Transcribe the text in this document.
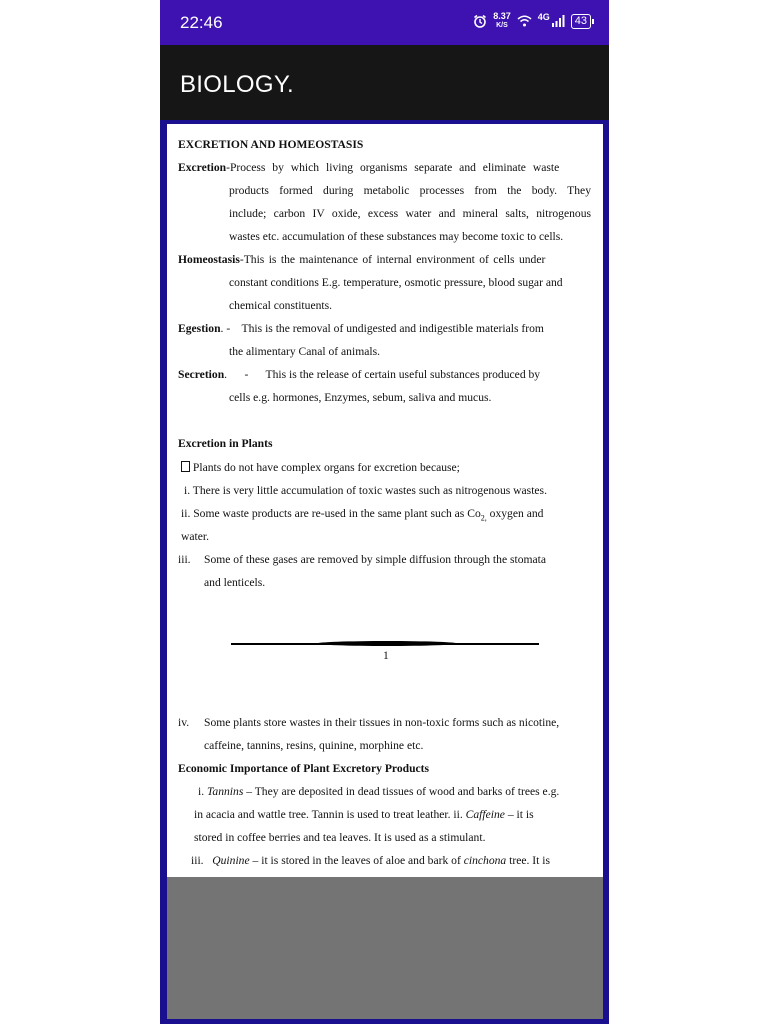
22:46	8.37
K/S
4G	43
BIOLOGY.
EXCRETION AND HOMEOSTASIS
Excretion-Process by which living organisms separate and eliminate waste
products formed during metabolic processes from the body. They
include; carbon IV oxide, excess water and mineral salts, nitrogenous
wastes etc. accumulation of these substances may become toxic to cells.
Homeostasis-This is the maintenance of internal environment of cells under
constant conditions E.g. temperature, osmotic pressure, blood sugar and
chemical constituents.
Egestion. -    This is the removal of undigested and indigestible materials from
the alimentary Canal of animals.
Secretion.      -      This is the release of certain useful substances produced by
cells e.g. hormones, Enzymes, sebum, saliva and mucus.
Excretion in Plants
Plants do not have complex organs for excretion because;
i. There is very little accumulation of toxic wastes such as nitrogenous wastes.
ii. Some waste products are re-used in the same plant such as $Co_{2,}$ oxygen and
water.
iii. Some of these gases are removed by simple diffusion through the stomata
and lenticels.
1
iv. Some plants store wastes in their tissues in non-toxic forms such as nicotine,
caffeine, tannins, resins, quinine, morphine etc.
Economic Importance of Plant Excretory Products
i. Tannins – They are deposited in dead tissues of wood and barks of trees e.g.
in acacia and wattle tree. Tannin is used to treat leather. ii. Caffeine – it is
stored in coffee berries and tea leaves. It is used as a stimulant.
iii. Quinine – it is stored in the leaves of aloe and bark of cinchona tree. It is
